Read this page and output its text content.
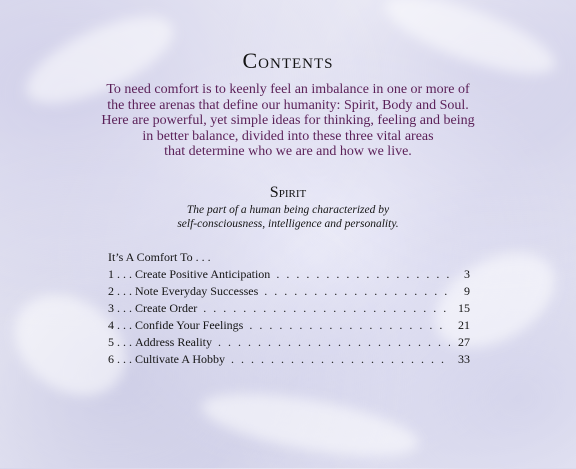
Contents
To need comfort is to keenly feel an imbalance in one or more of
the three arenas that define our humanity: Spirit, Body and Soul.
Here are powerful, yet simple ideas for thinking, feeling and being
in better balance, divided into these three vital areas
that determine who we are and how we live.
Spirit
The part of a human being characterized by
self-consciousness, intelligence and personality.
It’s A Comfort To . . .
1 . . . Create Positive Anticipation . . .	3
2 . . . Note Everyday Successes . . .	9
3 . . . Create Order . . .	15
4 . . . Confide Your Feelings . . .	21
5 . . . Address Reality . . .	27
6 . . . Cultivate A Hobby . . .	33
